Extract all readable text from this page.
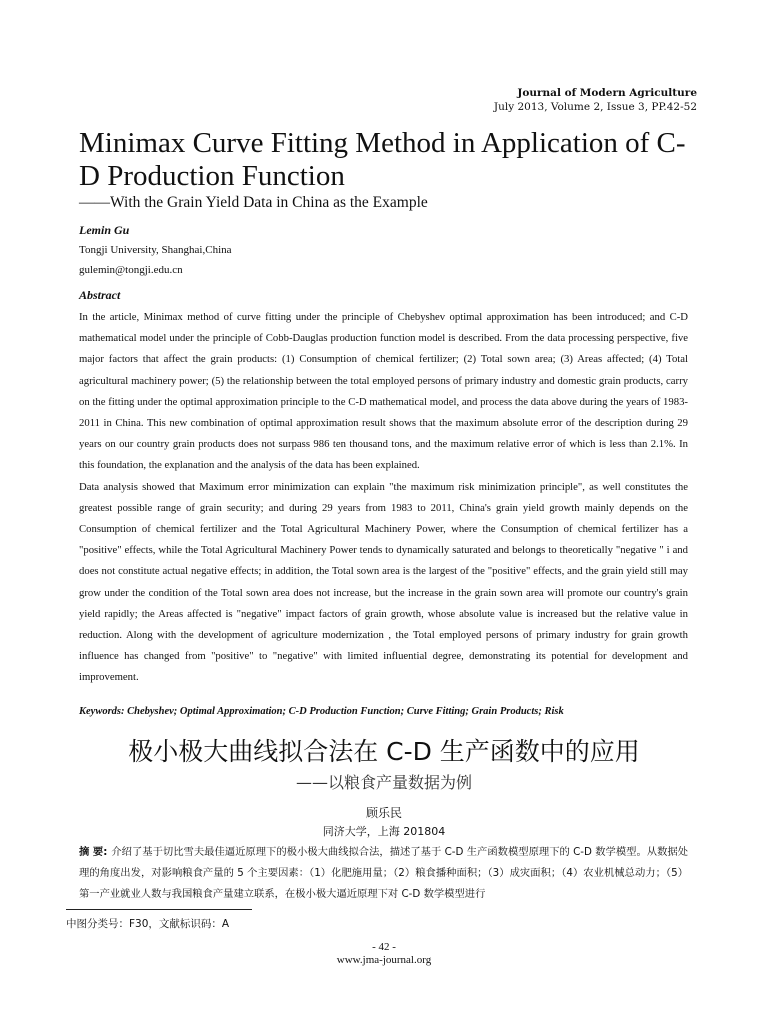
Journal of Modern Agriculture
July 2013, Volume 2, Issue 3, PP.42-52
Minimax Curve Fitting Method in Application of C-D Production Function
——With the Grain Yield Data in China as the Example
Lemin Gu
Tongji University, Shanghai,China
gulemin@tongji.edu.cn
Abstract

In the article, Minimax method of curve fitting under the principle of Chebyshev optimal approximation has been introduced; and C-D mathematical model under the principle of Cobb-Dauglas production function model is described. From the data processing perspective, five major factors that affect the grain products: (1) Consumption of chemical fertilizer; (2) Total sown area; (3) Areas affected; (4) Total agricultural machinery power; (5) the relationship between the total employed persons of primary industry and domestic grain products, carry on the fitting under the optimal approximation principle to the C-D mathematical model, and process the data above during the years of 1983-2011 in China. This new combination of optimal approximation result shows that the maximum absolute error of the description during 29 years on our country grain products does not surpass 986 ten thousand tons, and the maximum relative error of which is less than 2.1%. In this foundation, the explanation and the analysis of the data has been explained.

Data analysis showed that Maximum error minimization can explain "the maximum risk minimization principle", as well constitutes the greatest possible range of grain security; and during 29 years from 1983 to 2011, China's grain yield growth mainly depends on the Consumption of chemical fertilizer and the Total Agricultural Machinery Power, where the Consumption of chemical fertilizer has a "positive" effects, while the Total Agricultural Machinery Power tends to dynamically saturated and belongs to theoretically "negative " i and does not constitute actual negative effects; in addition, the Total sown area is the largest of the "positive" effects, and the grain yield still may grow under the condition of the Total sown area does not increase, but the increase in the grain sown area will promote our country's grain yield rapidly; the Areas affected is "negative" impact factors of grain growth, whose absolute value is increased but the relative value in reduction. Along with the development of agriculture modernization , the Total employed persons of primary industry for grain growth influence has changed from "positive" to "negative" with limited influential degree, demonstrating its potential for development and improvement.

Keywords: Chebyshev; Optimal Approximation; C-D Production Function; Curve Fitting; Grain Products; Risk
极小极大曲线拟合法在 C-D 生产函数中的应用
——以粮食产量数据为例
顾乐民
同济大学，上海 201804
摘 要: 介绍了基于切比雪夫最佳逼近原理下的极小极大曲线拟合法，描述了基于 C-D 生产函数模型原理下的 C-D 数学模型。从数据处理的角度出发，对影响粮食产量的 5 个主要因素：（1）化肥施用量；（2）粮食播种面积；（3）成灾面积；（4）农业机械总动力；（5）第一产业就业人数与我国粮食产量建立联系，在极小极大逼近原理下对 C-D 数学模型进行
中图分类号：F30，文献标识码：A
- 42 -
www.jma-journal.org
